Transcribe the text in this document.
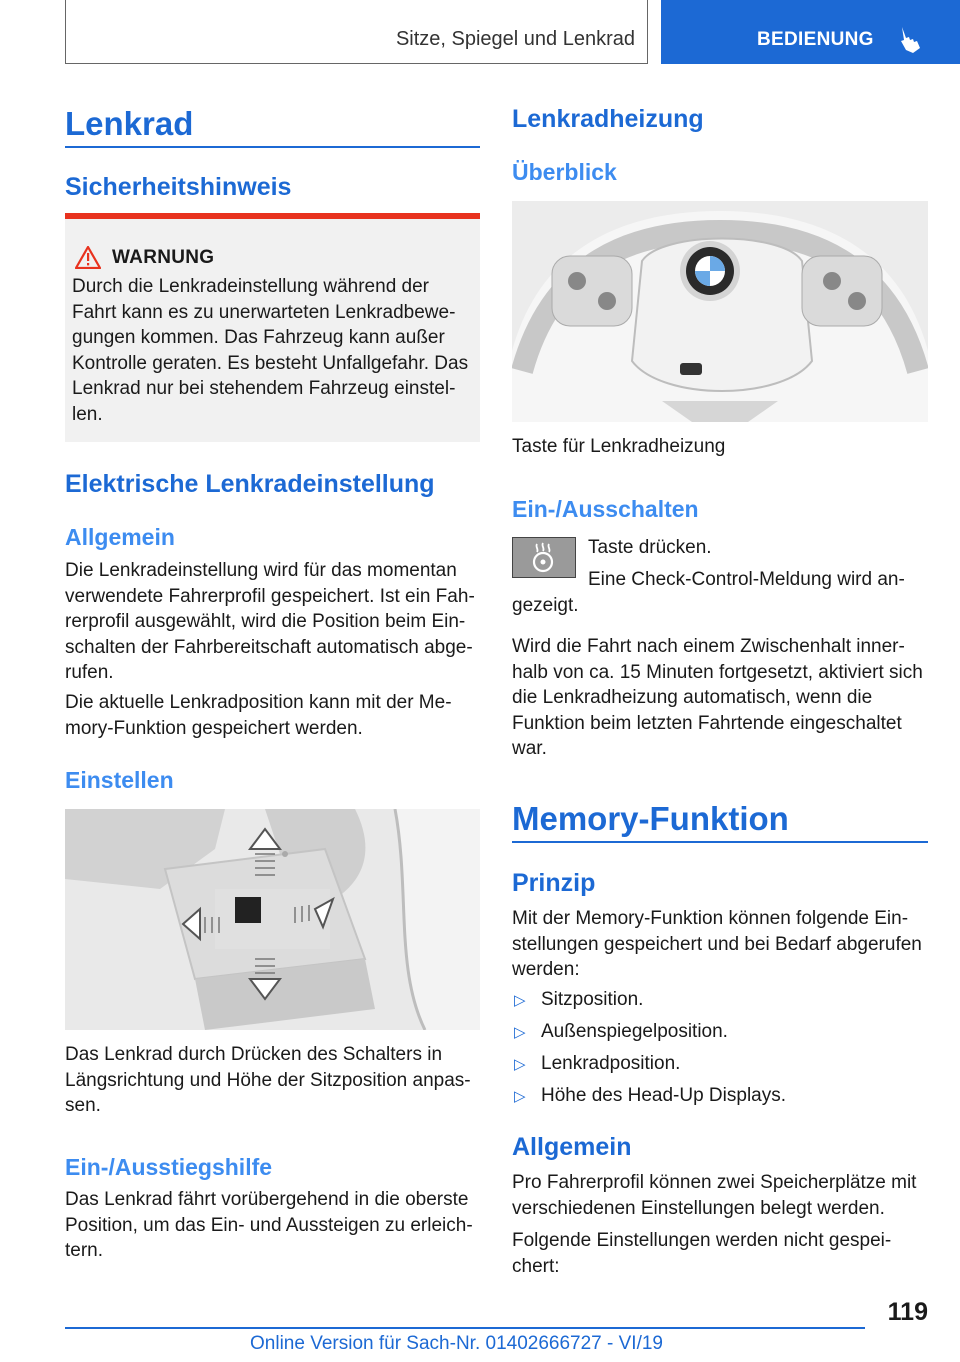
Sitze, Spiegel und Lenkrad	BEDIENUNG
Lenkrad
Sicherheitshinweis
WARNUNG
Durch die Lenkradeinstellung während der Fahrt kann es zu unerwarteten Lenkradbewegungen kommen. Das Fahrzeug kann außer Kontrolle geraten. Es besteht Unfallgefahr. Das Lenkrad nur bei stehendem Fahrzeug einstellen.
Elektrische Lenkradeinstellung
Allgemein

Die Lenkradeinstellung wird für das momentan verwendete Fahrerprofil gespeichert. Ist ein Fahrerprofil ausgewählt, wird die Position beim Einschalten der Fahrbereitschaft automatisch abgerufen.

Die aktuelle Lenkradposition kann mit der Memory-Funktion gespeichert werden.

Einstellen

Das Lenkrad durch Drücken des Schalters in Längsrichtung und Höhe der Sitzposition anpassen.

Ein-/Ausstiegshilfe

Das Lenkrad fährt vorübergehend in die oberste Position, um das Ein- und Aussteigen zu erleichtern.

Lenkradheizung
Überblick

Taste für Lenkradheizung

Ein-/Ausschalten

Taste drücken.

Eine Check-Control-Meldung wird angezeigt.

Wird die Fahrt nach einem Zwischenhalt innerhalb von ca. 15 Minuten fortgesetzt, aktiviert sich die Lenkradheizung automatisch, wenn die Funktion beim letzten Fahrtende eingeschaltet war.

Memory-Funktion
Prinzip

Mit der Memory-Funktion können folgende Einstellungen gespeichert und bei Bedarf abgerufen werden:

▷ Sitzposition.
▷ Außenspiegelposition.
▷ Lenkradposition.
▷ Höhe des Head-Up Displays.
Allgemein

Pro Fahrerprofil können zwei Speicherplätze mit verschiedenen Einstellungen belegt werden.

Folgende Einstellungen werden nicht gespeichert:

119
Online Version für Sach-Nr. 01402666727 - VI/19
